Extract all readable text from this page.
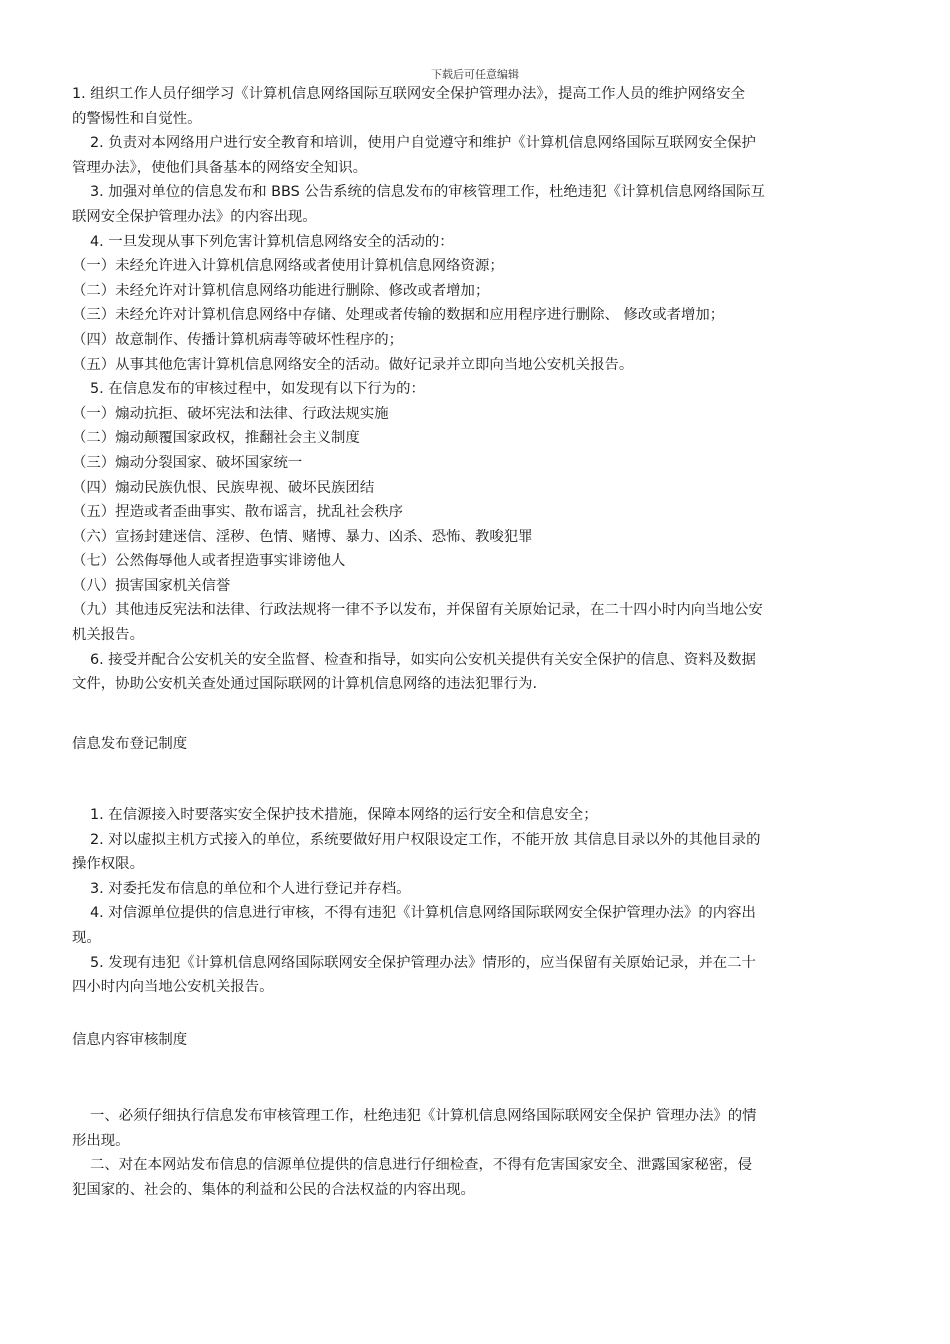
下载后可任意编辑
1. 组织工作人员仔细学习《计算机信息网络国际互联网安全保护管理办法》，提高工作人员的维护网络安全
的警惕性和自觉性。
2. 负责对本网络用户进行安全教育和培训，使用户自觉遵守和维护《计算机信息网络国际互联网安全保护
管理办法》，使他们具备基本的网络安全知识。
3. 加强对单位的信息发布和 BBS 公告系统的信息发布的审核管理工作，杜绝违犯《计算机信息网络国际互
联网安全保护管理办法》的内容出现。
4. 一旦发现从事下列危害计算机信息网络安全的活动的：
（一）未经允许进入计算机信息网络或者使用计算机信息网络资源；
（二）未经允许对计算机信息网络功能进行删除、修改或者增加；
（三）未经允许对计算机信息网络中存储、处理或者传输的数据和应用程序进行删除、 修改或者增加；
（四）故意制作、传播计算机病毒等破坏性程序的；
（五）从事其他危害计算机信息网络安全的活动。做好记录并立即向当地公安机关报告。
5. 在信息发布的审核过程中，如发现有以下行为的：
（一）煽动抗拒、破坏宪法和法律、行政法规实施
（二）煽动颠覆国家政权，推翻社会主义制度
（三）煽动分裂国家、破坏国家统一
（四）煽动民族仇恨、民族卑视、破坏民族团结
（五）捏造或者歪曲事实、散布谣言，扰乱社会秩序
（六）宣扬封建迷信、淫秽、色情、赌博、暴力、凶杀、恐怖、教唆犯罪
（七）公然侮辱他人或者捏造事实诽谤他人
（八）损害国家机关信誉
（九）其他违反宪法和法律、行政法规将一律不予以发布，并保留有关原始记录，在二十四小时内向当地公安
机关报告。
6. 接受并配合公安机关的安全监督、检查和指导，如实向公安机关提供有关安全保护的信息、资料及数据
文件，协助公安机关查处通过国际联网的计算机信息网络的违法犯罪行为.
信息发布登记制度
1. 在信源接入时要落实安全保护技术措施，保障本网络的运行安全和信息安全；
2. 对以虚拟主机方式接入的单位，系统要做好用户权限设定工作，不能开放 其信息目录以外的其他目录的
操作权限。
3. 对委托发布信息的单位和个人进行登记并存档。
4. 对信源单位提供的信息进行审核，不得有违犯《计算机信息网络国际联网安全保护管理办法》的内容出
现。
5. 发现有违犯《计算机信息网络国际联网安全保护管理办法》情形的，应当保留有关原始记录，并在二十
四小时内向当地公安机关报告。
信息内容审核制度
一、必须仔细执行信息发布审核管理工作，杜绝违犯《计算机信息网络国际联网安全保护 管理办法》的情
形出现。
二、对在本网站发布信息的信源单位提供的信息进行仔细检查，不得有危害国家安全、泄露国家秘密，侵
犯国家的、社会的、集体的利益和公民的合法权益的内容出现。
